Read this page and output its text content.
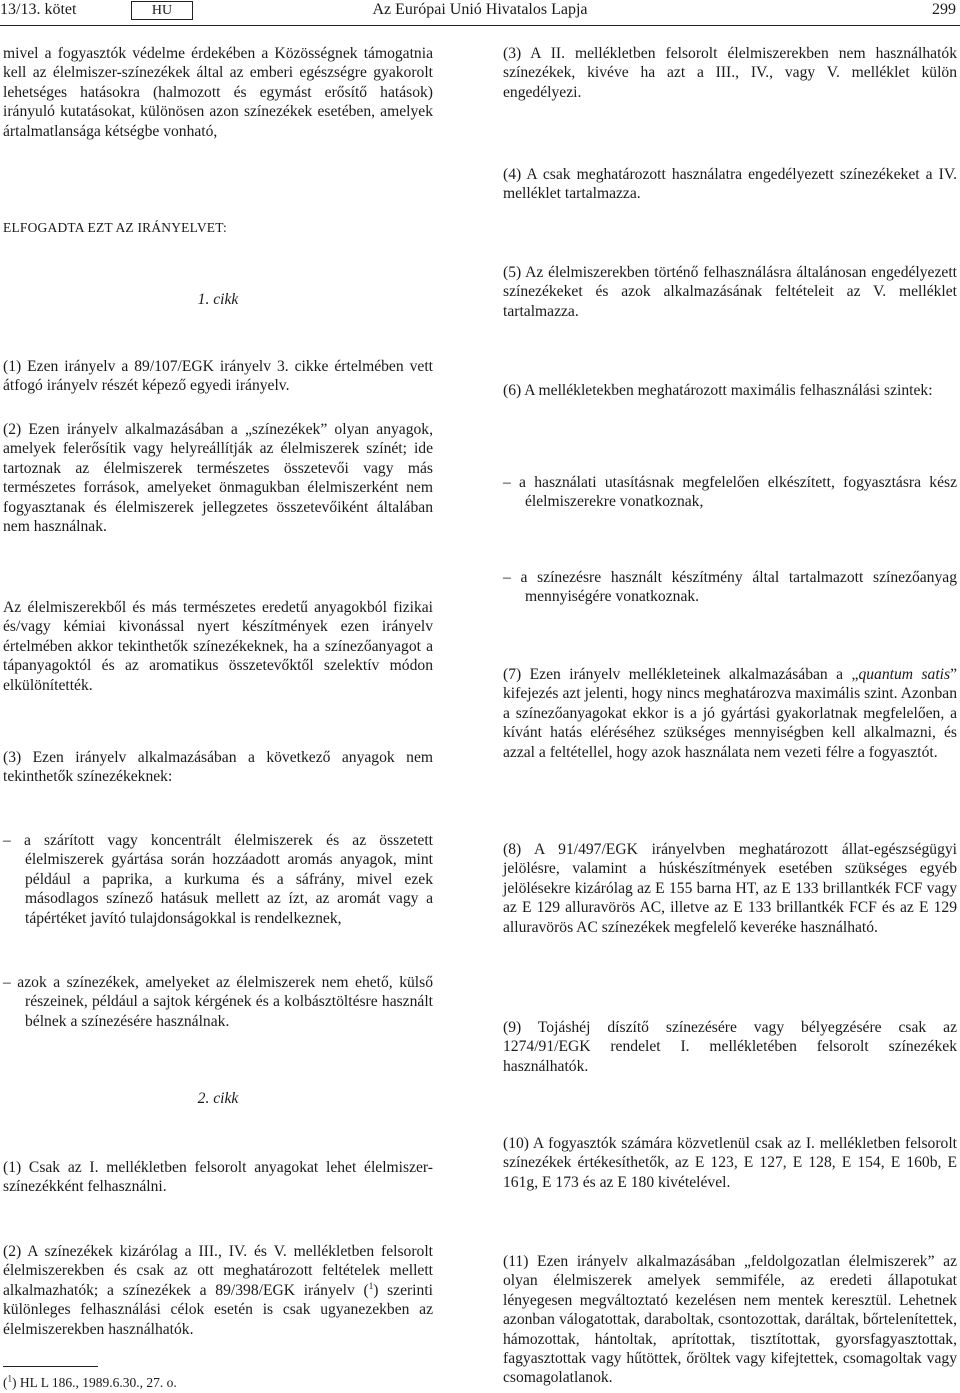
13/13. kötet	HU	Az Európai Unió Hivatalos Lapja	299

mivel a fogyasztók védelme érdekében a Közösségnek támogatnia kell az élelmiszer-színezékek által az emberi egészségre gyakorolt lehetséges hatásokra (halmozott és egymást erősítő hatások) irányuló kutatásokat, különösen azon színezékek esetében, amelyek ártalmatlansága kétségbe vonható,

ELFOGADTA EZT AZ IRÁNYELVET:

1. cikk

(1) Ezen irányelv a 89/107/EGK irányelv 3. cikke értelmében vett átfogó irányelv részét képező egyedi irányelv.

(2) Ezen irányelv alkalmazásában a „színezékek” olyan anyagok, amelyek felerősítik vagy helyreállítják az élelmiszerek színét; ide tartoznak az élelmiszerek természetes összetevői vagy más természetes források, amelyeket önmagukban élelmiszerként nem fogyasztanak és élelmiszerek jellegzetes összetevőiként általában nem használnak.

Az élelmiszerekből és más természetes eredetű anyagokból fizikai és/vagy kémiai kivonással nyert készítmények ezen irányelv értelmében akkor tekinthetők színezékeknek, ha a színezőanyagot a tápanyagoktól és az aromatikus összetevőktől szelektív módon elkülönítették.

(3) Ezen irányelv alkalmazásában a következő anyagok nem tekinthetők színezékeknek:

– a szárított vagy koncentrált élelmiszerek és az összetett élelmiszerek gyártása során hozzáadott aromás anyagok, mint például a paprika, a kurkuma és a sáfrány, mivel ezek másodlagos színező hatásuk mellett az ízt, az aromát vagy a tápértéket javító tulajdonságokkal is rendelkeznek,

– azok a színezékek, amelyeket az élelmiszerek nem ehető, külső részeinek, például a sajtok kérgének és a kolbásztöltésre használt bélnek a színezésére használnak.

2. cikk

(1) Csak az I. mellékletben felsorolt anyagokat lehet élelmiszer-színezékként felhasználni.

(2) A színezékek kizárólag a III., IV. és V. mellékletben felsorolt élelmiszerekben és csak az ott meghatározott feltételek mellett alkalmazhatók; a színezékek a 89/398/EGK irányelv ($^1$) szerinti különleges felhasználási célok esetén is csak ugyanezekben az élelmiszerekben használhatók.

($^1$) HL L 186., 1989.6.30., 27. o.

(3) A II. mellékletben felsorolt élelmiszerekben nem használhatók színezékek, kivéve ha azt a III., IV., vagy V. melléklet külön engedélyezi.

(4) A csak meghatározott használatra engedélyezett színezékeket a IV. melléklet tartalmazza.

(5) Az élelmiszerekben történő felhasználásra általánosan engedélyezett színezékeket és azok alkalmazásának feltételeit az V. melléklet tartalmazza.

(6) A mellékletekben meghatározott maximális felhasználási szintek:

– a használati utasításnak megfelelően elkészített, fogyasztásra kész élelmiszerekre vonatkoznak,

– a színezésre használt készítmény által tartalmazott színezőanyag mennyiségére vonatkoznak.

(7) Ezen irányelv mellékleteinek alkalmazásában a „quantum satis” kifejezés azt jelenti, hogy nincs meghatározva maximális szint. Azonban a színezőanyagokat ekkor is a jó gyártási gyakorlatnak megfelelően, a kívánt hatás eléréséhez szükséges mennyiségben kell alkalmazni, és azzal a feltétellel, hogy azok használata nem vezeti félre a fogyasztót.

(8) A 91/497/EGK irányelvben meghatározott állat-egészségügyi jelölésre, valamint a húskészítmények esetében szükséges egyéb jelölésekre kizárólag az E 155 barna HT, az E 133 brillantkék FCF vagy az E 129 alluravörös AC, illetve az E 133 brillantkék FCF és az E 129 alluravörös AC színezékek megfelelő keveréke használható.

(9) Tojáshéj díszítő színezésére vagy bélyegzésére csak az 1274/91/EGK rendelet I. mellékletében felsorolt színezékek használhatók.

(10) A fogyasztók számára közvetlenül csak az I. mellékletben felsorolt színezékek értékesíthetők, az E 123, E 127, E 128, E 154, E 160b, E 161g, E 173 és az E 180 kivételével.

(11) Ezen irányelv alkalmazásában „feldolgozatlan élelmiszerek” az olyan élelmiszerek amelyek semmiféle, az eredeti állapotukat lényegesen megváltoztató kezelésen nem mentek keresztül. Lehetnek azonban válogatottak, daraboltak, csontozottak, daráltak, bőrtelenítettek, hámozottak, hántoltak, aprítottak, tisztítottak, gyorsfagyasztottak, fagyasztottak vagy hűtöttek, őröltek vagy kifejtettek, csomagoltak vagy csomagolatlanok.
